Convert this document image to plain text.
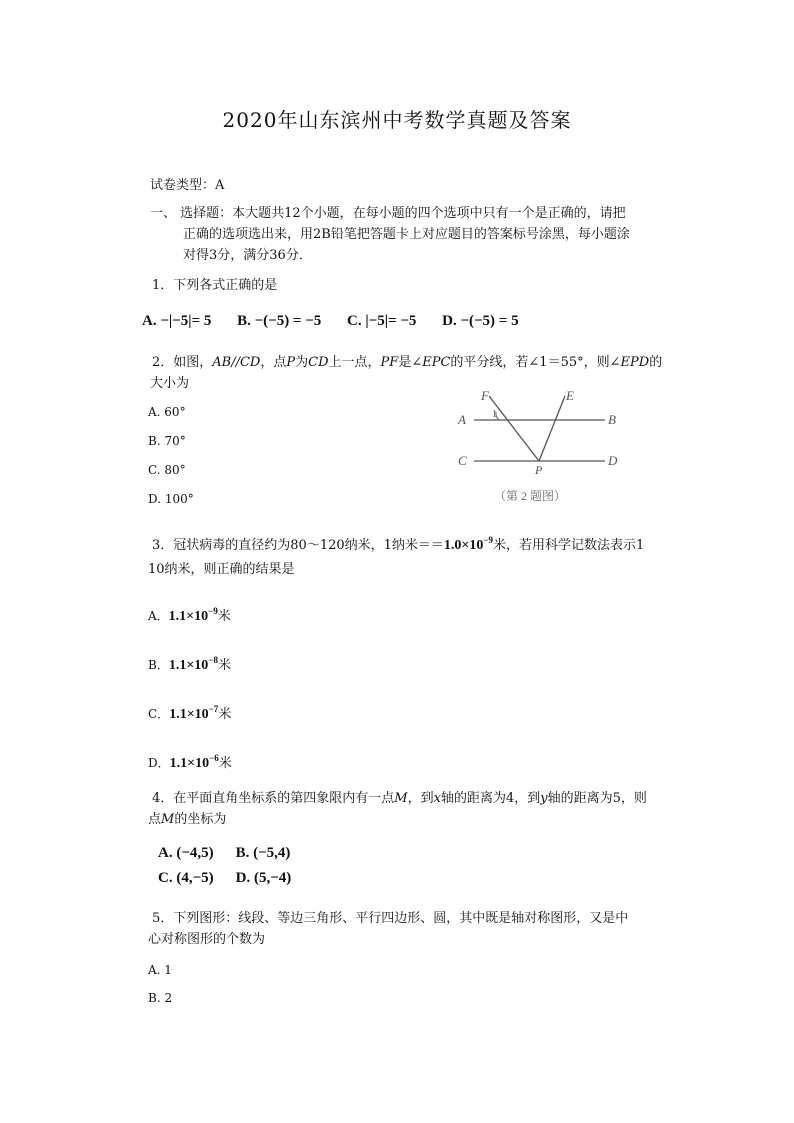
2020年山东滨州中考数学真题及答案
试卷类型：A
一、 选择题：本大题共12个小题，在每小题的四个选项中只有一个是正确的，请把
正确的选项选出来，用2B铅笔把答题卡上对应题目的答案标号涂黑，每小题涂
对得3分，满分36分．
1．下列各式正确的是
A. −|−5|= 5 B. −(−5) = −5 C. |−5|= −5 D. −(−5) = 5
2．如图，AB//CD，点P为CD上一点，PF是∠EPC的平分线，若∠1＝55°，则∠EPD的
大小为
A. 60°
B. 70°
C. 80°
D. 100°
F	E
A	B
C	D
P
1
（第 2 题图）
3．冠状病毒的直径约为80～120纳米，1纳米$==1.0\times 10^{-9}$米，若用科学记数法表示1
10纳米，则正确的结果是
A．$1.1\times 10^{-9}$米
B．$1.1\times 10^{-8}$米
C．$1.1\times 10^{-7}$米
D．$1.1\times 10^{-6}$米
4．在平面直角坐标系的第四象限内有一点M，到x轴的距离为4，到y轴的距离为5，则
点M的坐标为
A. (−4,5) B. (−5,4)
C. (4,−5) D. (5,−4)
5．下列图形：线段、等边三角形、平行四边形、圆，其中既是轴对称图形，又是中
心对称图形的个数为
A. 1
B. 2
